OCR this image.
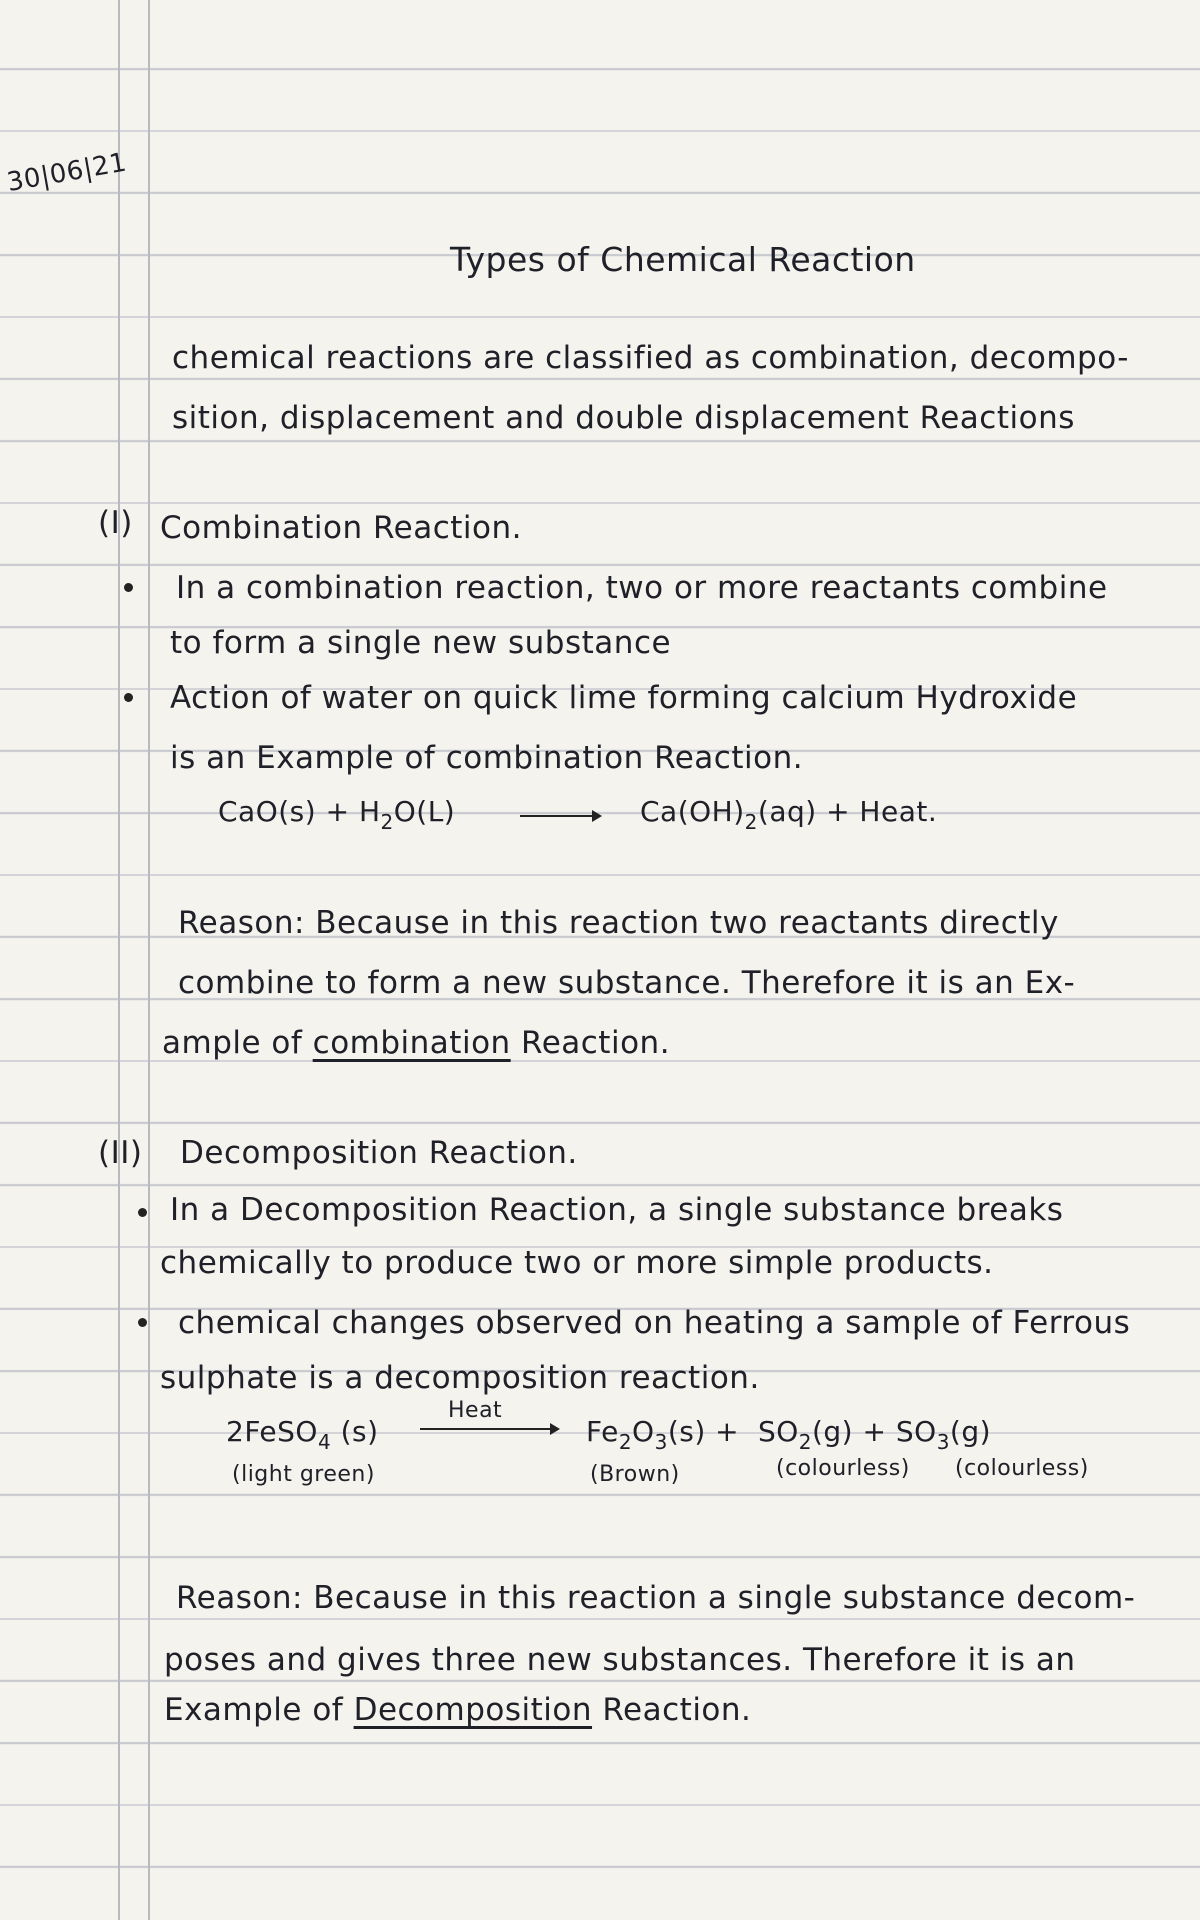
30|06|21
Types of Chemical Reaction
chemical reactions are classified as combination, decompo-
sition, displacement and double displacement Reactions
(I) Combination Reaction.
In a combination reaction, two or more reactants combine
to form a single new substance
Action of water on quick lime forming calcium Hydroxide
is an Example of combination Reaction.
$CaO(s) + H_2O(L)$	$Ca(OH)_2(aq)$ + Heat.
Reason: Because in this reaction two reactants directly
combine to form a new substance. Therefore it is an Ex-
ample of combination Reaction.
(II) Decomposition Reaction.
In a Decomposition Reaction, a single substance breaks
chemically to produce two or more simple products.
chemical changes observed on heating a sample of Ferrous
sulphate is a decomposition reaction.
2FeSO$_4$ (s)
Heat
$Fe_2O_3(s) + SO_2(g) + SO_3(g)$
(light green)	(Brown)	(colourless) (colourless)
Reason: Because in this reaction a single substance decom-
poses and gives three new substances. Therefore it is an
Example of Decomposition Reaction.
